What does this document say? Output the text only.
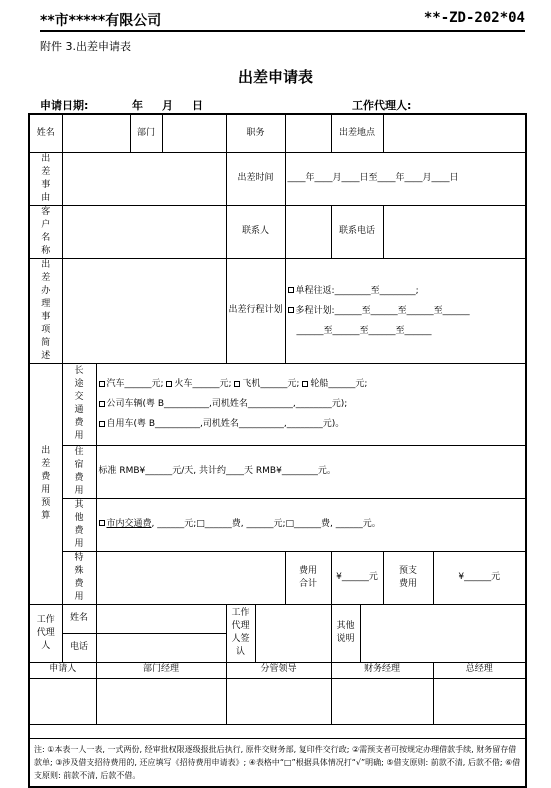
**市*****有限公司	**-ZD-202*04
附件 3.出差申请表
出差申请表
申请日期:	年 月 日	工作代理人:
姓名			部门		职务			出差地点			
出差事由					出差时间		____年____月____日至____年____月____日				
客户名称					联系人			联系电话			
出差办理事项简述					出差行程计划		单程往返:________至________;
多程计划:______至______至______至______
______至______至______至______				

出差费用预算	长途交通费用	汽车______元; 火车______元; 飞机______元; 轮船______元;
公司车辆(粤 B__________,司机姓名__________,________元);
自用车(粤 B__________,司机姓名__________,________元)。									

	住宿费用	标准 RMB¥______元/天, 共计约____天 RMB¥________元。									
	其他费用	市内交通费, ______元;□______费, ______元;□______费, ______元。									
	特殊费用						费用合计	¥______元		预支费用	¥______元
工作代理人	姓名				工作代理人签认			其他说明			
	电话										
申请人		部门经理			分管领导			财务经理			总经理

注: ①本表一人一表, 一式两份, 经审批权限逐级报批后执行, 原件交财务部, 复印件交行政; ②需预支者可按规定办理借款手续, 财务留存借款单; ③涉及借支招待费用的, 还应填写《招待费用申请表》; ④表格中“□”根据具体情况打“√”明确; ⑤借支原则: 前款不清, 后款不借; ⑥借支原则: 前款不清, 后款不借。											
